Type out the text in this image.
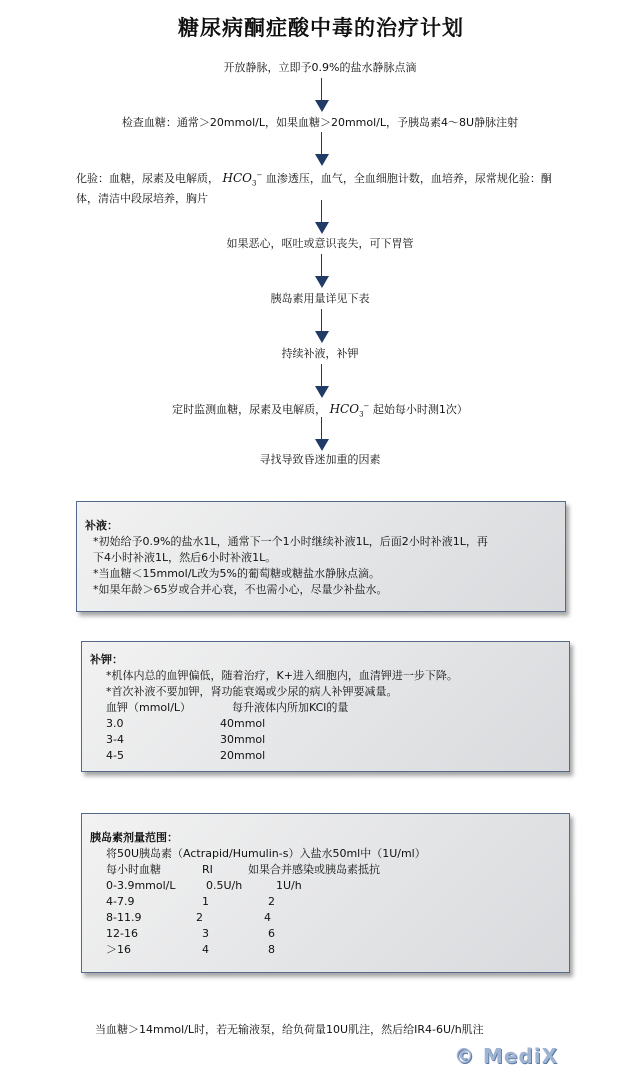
糖尿病酮症酸中毒的治疗计划
开放静脉，立即予0.9%的盐水静脉点滴
检查血糖：通常＞20mmol/L，如果血糖＞20mmol/L，予胰岛素4～8U静脉注射
化验：血糖，尿素及电解质， $HCO_3^-$ 血渗透压，血气，全血细胞计数，血培养，尿常规化验：酮体，清洁中段尿培养，胸片
如果恶心，呕吐或意识丧失，可下胃管
胰岛素用量详见下表
持续补液，补钾
定时监测血糖，尿素及电解质， $HCO_3^-$ 起始每小时测1次）
寻找导致昏迷加重的因素
补液：
*初始给予0.9%的盐水1L，通常下一个1小时继续补液1L，后面2小时补液1L，再
下4小时补液1L，然后6小时补液1L。
*当血糖＜15mmol/L改为5%的葡萄糖或糖盐水静脉点滴。
*如果年龄＞65岁或合并心衰，不也需小心，尽量少补盐水。
补钾：
*机体内总的血钾偏低，随着治疗，K+进入细胞内，血清钾进一步下降。
*首次补液不要加钾，肾功能衰竭或少尿的病人补钾要减量。
血钾（mmol/L）	每升液体内所加KCl的量
3.0	40mmol
3-4	30mmol
4-5	20mmol
胰岛素剂量范围：
将50U胰岛素（Actrapid/Humulin-s）入盐水50ml中（1U/ml）
每小时血糖	RI	如果合并感染或胰岛素抵抗
0-3.9mmol/L	0.5U/h	1U/h
4-7.9	1	2
8-11.9	2	4
12-16	3	6
＞16	4	8
当血糖＞14mmol/L时，若无输液泵，给负荷量10U肌注，然后给IR4-6U/h肌注
© MediX
